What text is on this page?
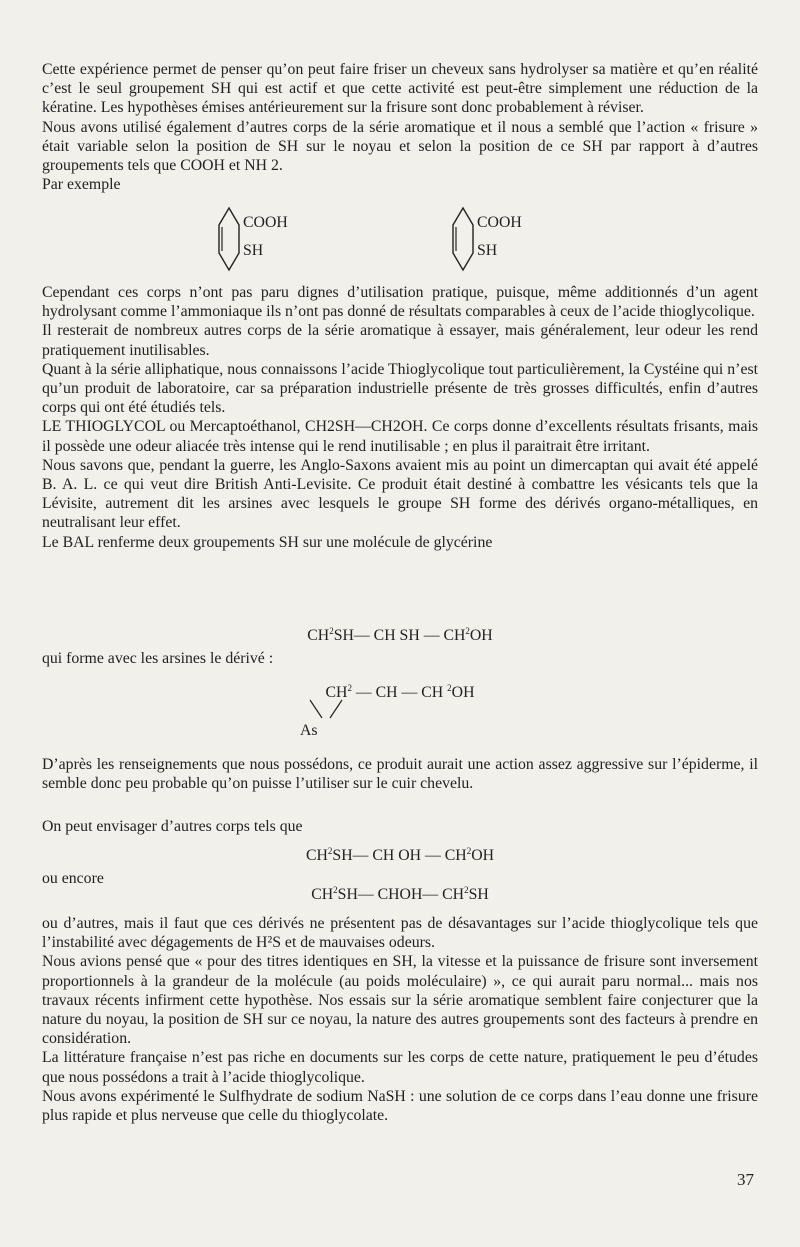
Cette expérience permet de penser qu’on peut faire friser un cheveux sans hydrolyser sa matière et qu’en réalité c’est le seul groupement SH qui est actif et que cette activité est peut-être simplement une réduction de la kératine. Les hypothèses émises antérieurement sur la frisure sont donc probablement à réviser.
Nous avons utilisé également d’autres corps de la série aromatique et il nous a semblé que l’action « frisure » était variable selon la position de SH sur le noyau et selon la position de ce SH par rapport à d’autres groupements tels que COOH et NH 2.
Par exemple
COOH
SH
COOH
SH
Cependant ces corps n’ont pas paru dignes d’utilisation pratique, puisque, même additionnés d’un agent hydrolysant comme l’ammoniaque ils n’ont pas donné de résultats comparables à ceux de l’acide thioglycolique.
Il resterait de nombreux autres corps de la série aromatique à essayer, mais généralement, leur odeur les rend pratiquement inutilisables.
Quant à la série alliphatique, nous connaissons l’acide Thioglycolique tout particulièrement, la Cystéine qui n’est qu’un produit de laboratoire, car sa préparation industrielle présente de très grosses difficultés, enfin d’autres corps qui ont été étudiés tels.
LE THIOGLYCOL ou Mercaptoéthanol, CH2SH—CH2OH. Ce corps donne d’excellents résultats frisants, mais il possède une odeur aliacée très intense qui le rend inutilisable ; en plus il paraitrait être irritant.
Nous savons que, pendant la guerre, les Anglo-Saxons avaient mis au point un dimercaptan qui avait été appelé B. A. L. ce qui veut dire British Anti-Levisite. Ce produit était destiné à combattre les vésicants tels que la Lévisite, autrement dit les arsines avec lesquels le groupe SH forme des dérivés organo-métalliques, en neutralisant leur effet.
Le BAL renferme deux groupements SH sur une molécule de glycérine
$CH^2SH—$ CH SH — $CH^2OH$
qui forme avec les arsines le dérivé :
$CH^2$ — CH — CH $^2$OH
As
D’après les renseignements que nous possédons, ce produit aurait une action assez aggressive sur l’épiderme, il semble donc peu probable qu’on puisse l’utiliser sur le cuir chevelu.
On peut envisager d’autres corps tels que
$CH^2SH—$ CH OH — $CH^2OH$
ou encore
$CH^2SH—$ CHOH— $CH^2SH$
ou d’autres, mais il faut que ces dérivés ne présentent pas de désavantages sur l’acide thioglycolique tels que l’instabilité avec dégagements de H²S et de mauvaises odeurs.
Nous avions pensé que « pour des titres identiques en SH, la vitesse et la puissance de frisure sont inversement proportionnels à la grandeur de la molécule (au poids moléculaire) », ce qui aurait paru normal... mais nos travaux récents infirment cette hypothèse. Nos essais sur la série aromatique semblent faire conjecturer que la nature du noyau, la position de SH sur ce noyau, la nature des autres groupements sont des facteurs à prendre en considération.
La littérature française n’est pas riche en documents sur les corps de cette nature, pratiquement le peu d’études que nous possédons a trait à l’acide thioglycolique.
Nous avons expérimenté le Sulfhydrate de sodium NaSH : une solution de ce corps dans l’eau donne une frisure plus rapide et plus nerveuse que celle du thioglycolate.
37
